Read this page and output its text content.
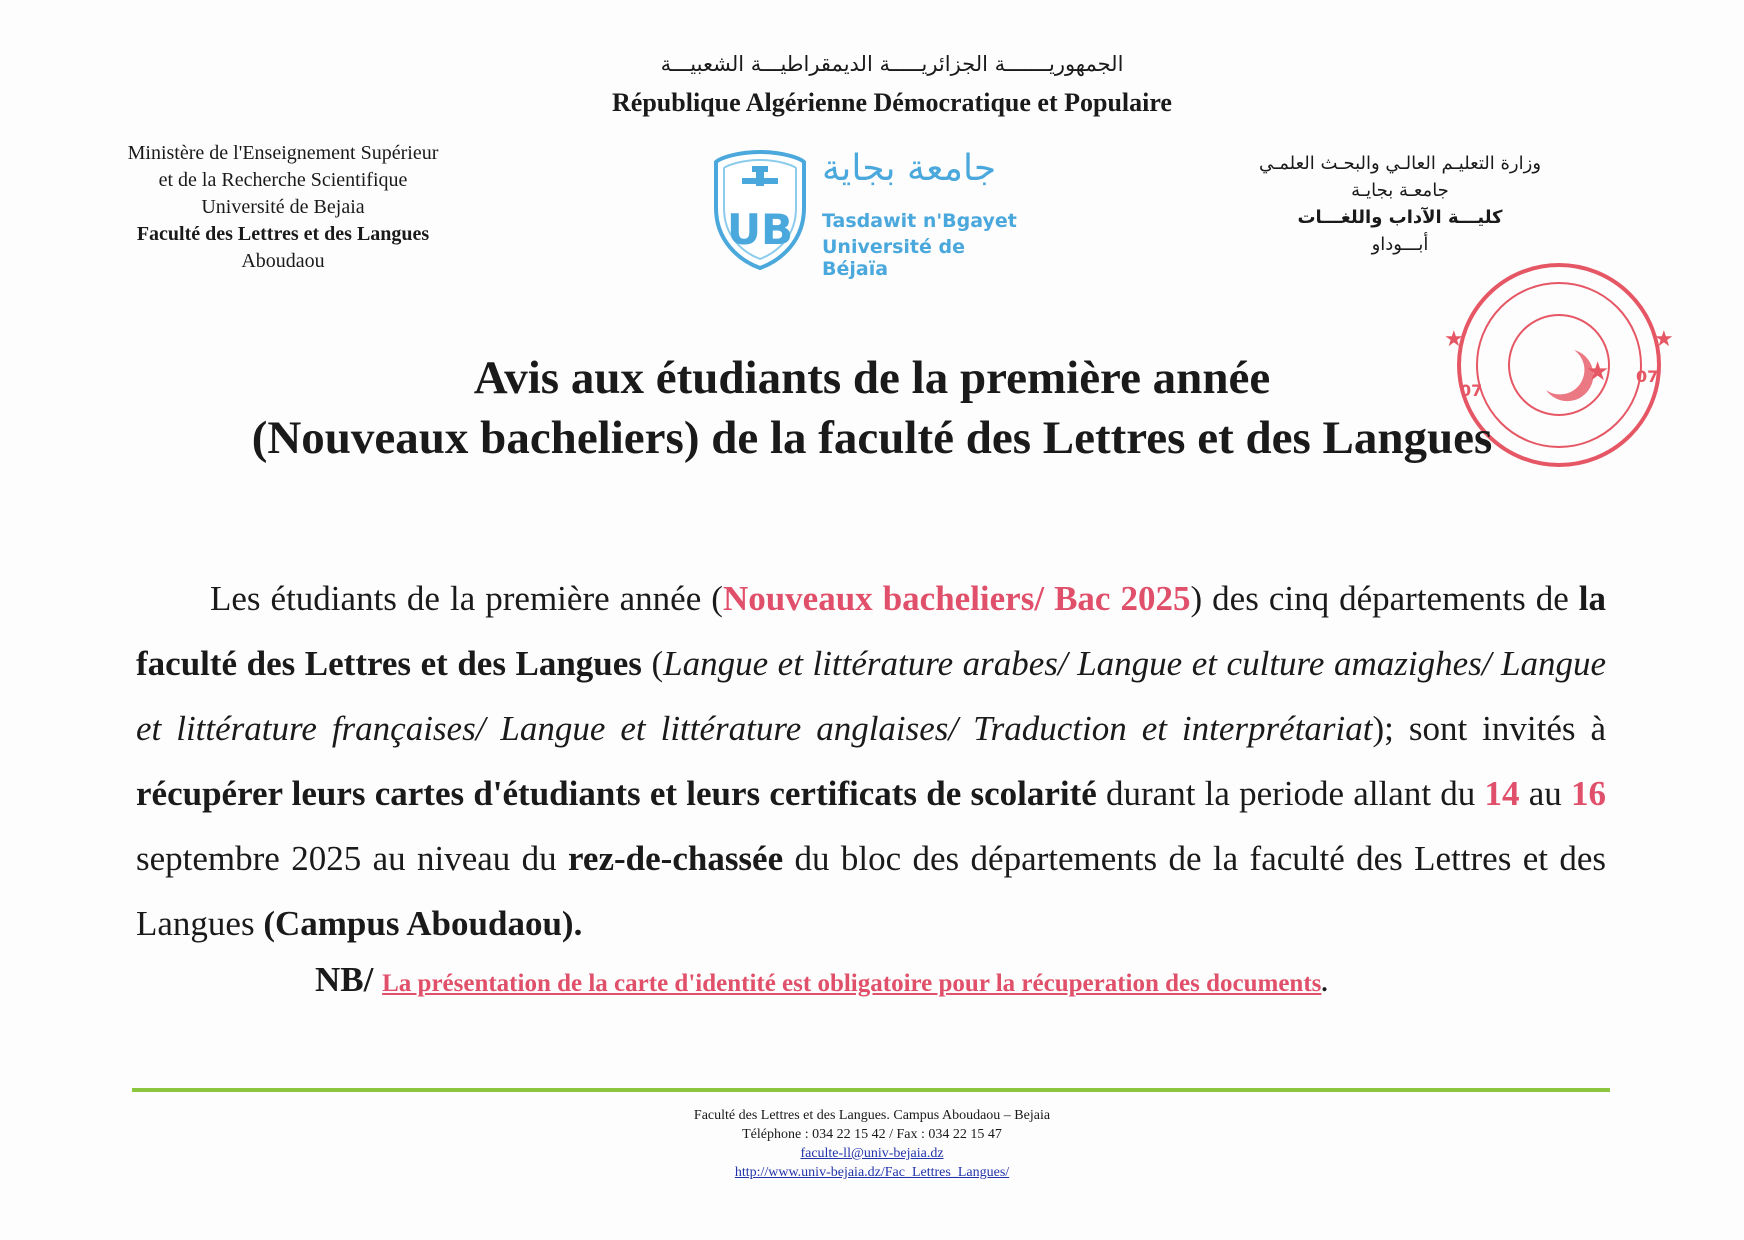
الجمهوريـــــــة الجزائريـــــة الديمقراطيـــة الشعبيـــة
République Algérienne Démocratique et Populaire
Ministère de l'Enseignement Supérieur
et de la Recherche Scientifique
Université de Bejaia
Faculté des Lettres et des Langues
Aboudaou
UB
جامعة بجاية
Tasdawit n'Bgayet
Université de Béjaïa
وزارة التعليـم العالـي والبحـث العلمـي
جامعـة بجايـة
كليـــة الآداب واللغـــات
أبـــوداو
★
★	★
07
07
Avis aux étudiants de la première année
(Nouveaux bacheliers) de la faculté des Lettres et des Langues
Les étudiants de la première année (Nouveaux bacheliers/ Bac 2025) des cinq départements de la faculté des Lettres et des Langues (Langue et littérature arabes/ Langue et culture amazighes/ Langue et littérature françaises/ Langue et littérature anglaises/ Traduction et interprétariat); sont invités à récupérer leurs cartes d'étudiants et leurs certificats de scolarité durant la periode allant du 14 au 16 septembre 2025 au niveau du rez-de-chassée du bloc des départements de la faculté des Lettres et des Langues (Campus Aboudaou).
NB/ La présentation de la carte d'identité est obligatoire pour la récuperation des documents.
Faculté des Lettres et des Langues. Campus Aboudaou – Bejaia
Téléphone : 034 22 15 42 / Fax : 034 22 15 47
faculte-ll@univ-bejaia.dz
http://www.univ-bejaia.dz/Fac_Lettres_Langues/
